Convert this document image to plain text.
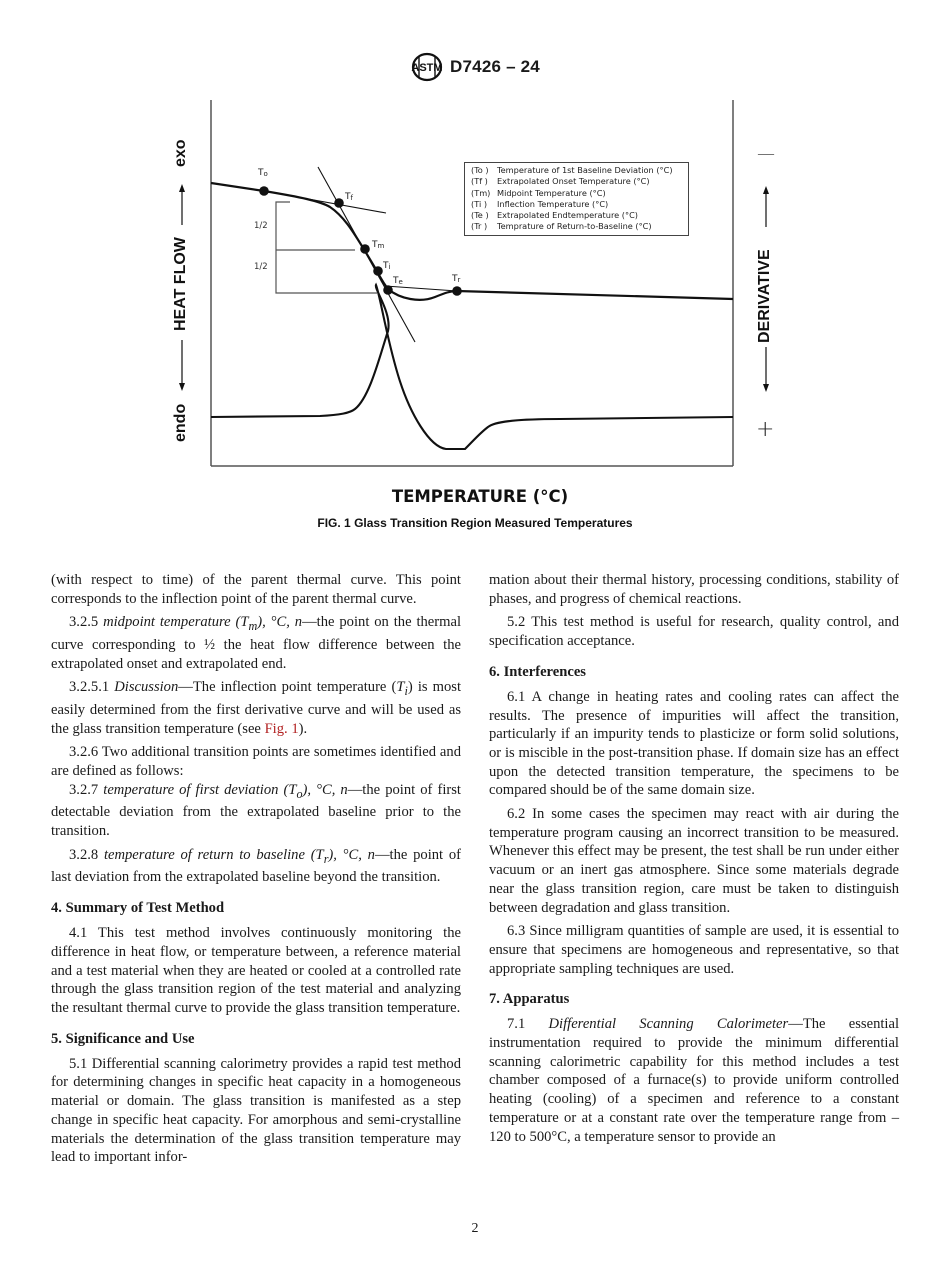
ASTM D7426 – 24
exo
HEAT FLOW
endo
DERIVATIVE
—
+
1/2
1/2
$T_o$
$T_f$
$T_m$
$T_i$
$T_e$	$T_r$
(To )	Temperature of 1st Baseline Deviation (°C)
(Tf )	Extrapolated Onset Temperature (°C)
(Tm) Midpoint Temperature (°C)
(Ti )	Inflection Temperature (°C)
(Te )	Extrapolated Endtemperature (°C)
(Tr )	Temprature of Return-to-Baseline (°C)
TEMPERATURE (°C)
FIG. 1 Glass Transition Region Measured Temperatures

(with respect to time) of the parent thermal curve. This point corresponds to the inflection point of the parent thermal curve.

3.2.5 midpoint temperature $(T_m)$, °C, n—the point on the thermal curve corresponding to ½ the heat flow difference between the extrapolated onset and extrapolated end.

3.2.5.1 Discussion—The inflection point temperature $(T_i)$ is most easily determined from the first derivative curve and will be used as the glass transition temperature (see Fig. 1).

3.2.6 Two additional transition points are sometimes identified and are defined as follows:

3.2.7 temperature of first deviation $(T_o)$, °C, n—the point of first detectable deviation from the extrapolated baseline prior to the transition.

3.2.8 temperature of return to baseline $(T_r)$, °C, n—the point of last deviation from the extrapolated baseline beyond the transition.

4. Summary of Test Method

4.1 This test method involves continuously monitoring the difference in heat flow, or temperature between, a reference material and a test material when they are heated or cooled at a controlled rate through the glass transition region of the test material and analyzing the resultant thermal curve to provide the glass transition temperature.

5. Significance and Use

5.1 Differential scanning calorimetry provides a rapid test method for determining changes in specific heat capacity in a homogeneous material or domain. The glass transition is manifested as a step change in specific heat capacity. For amorphous and semi-crystalline materials the determination of the glass transition temperature may lead to important infor-

mation about their thermal history, processing conditions, stability of phases, and progress of chemical reactions.

5.2 This test method is useful for research, quality control, and specification acceptance.

6. Interferences

6.1 A change in heating rates and cooling rates can affect the results. The presence of impurities will affect the transition, particularly if an impurity tends to plasticize or form solid solutions, or is miscible in the post-transition phase. If domain size has an effect upon the detected transition temperature, the specimens to be compared should be of the same domain size.

6.2 In some cases the specimen may react with air during the temperature program causing an incorrect transition to be measured. Whenever this effect may be present, the test shall be run under either vacuum or an inert gas atmosphere. Since some materials degrade near the glass transition region, care must be taken to distinguish between degradation and glass transition.

6.3 Since milligram quantities of sample are used, it is essential to ensure that specimens are homogeneous and representative, so that appropriate sampling techniques are used.

7. Apparatus

7.1 Differential Scanning Calorimeter—The essential instrumentation required to provide the minimum differential scanning calorimetric capability for this method includes a test chamber composed of a furnace(s) to provide uniform controlled heating (cooling) of a specimen and reference to a constant temperature or at a constant rate over the temperature range from –120 to 500°C, a temperature sensor to provide an

2
